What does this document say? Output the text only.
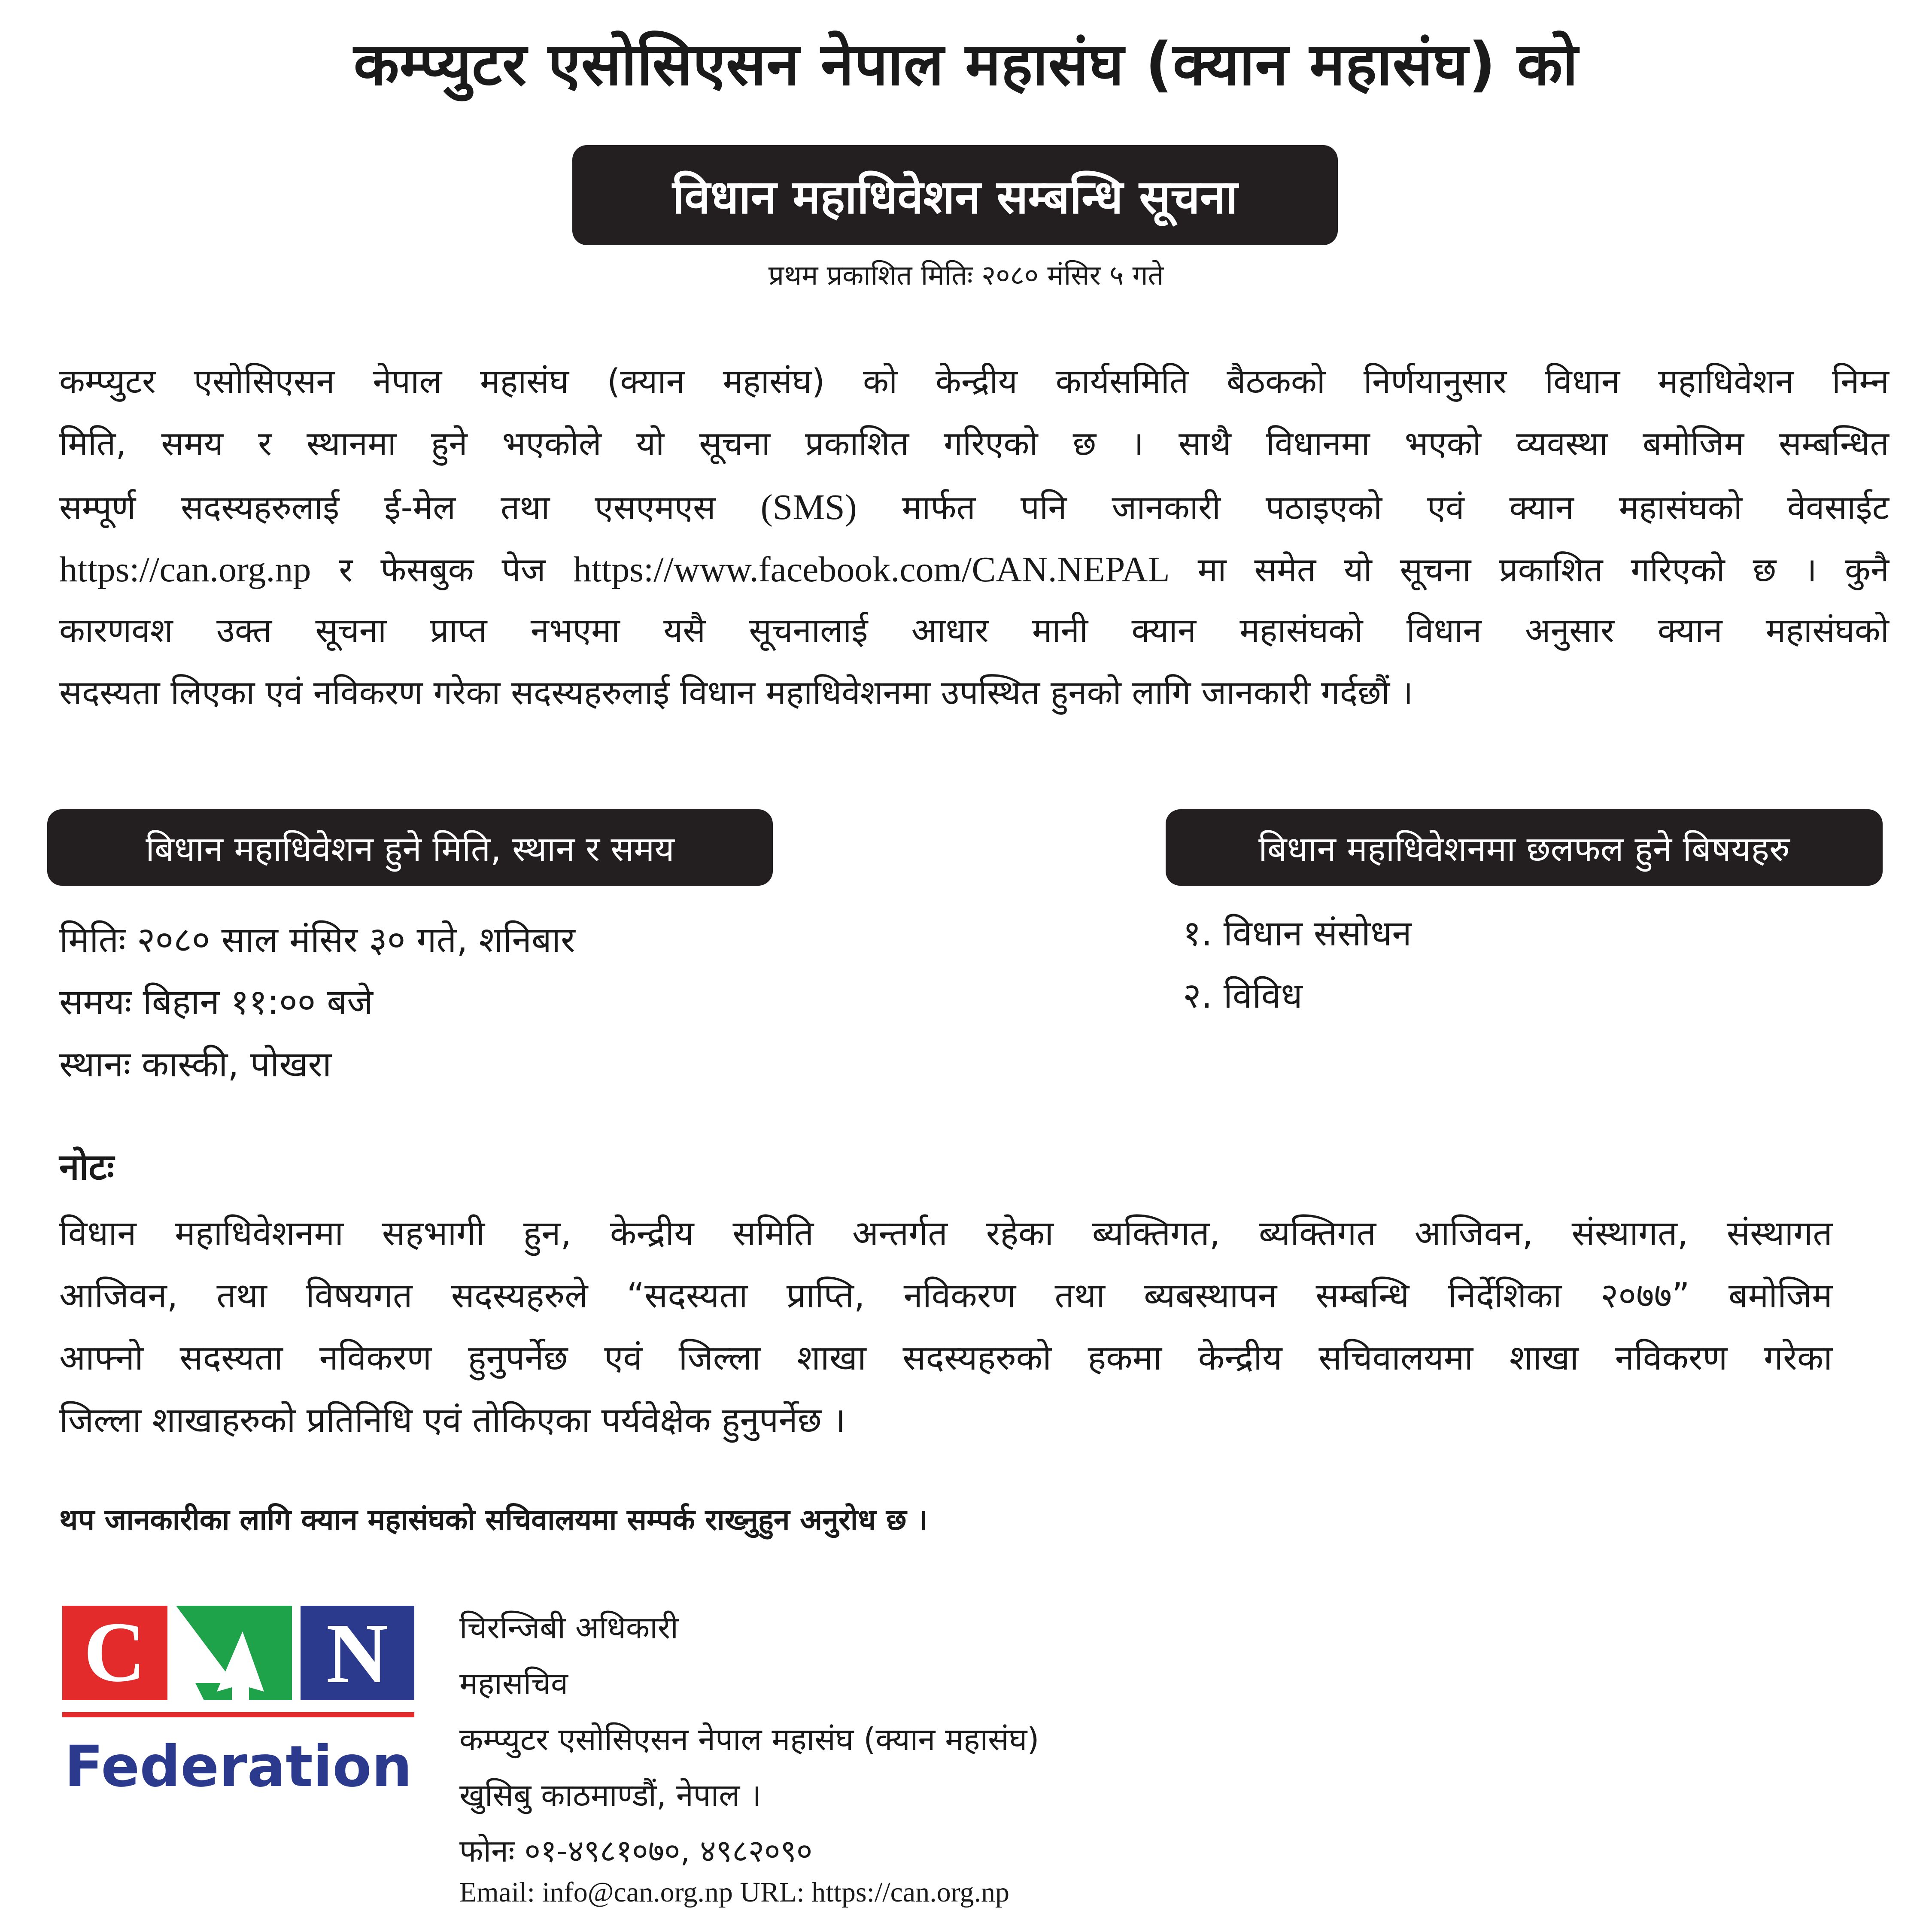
कम्प्युटर एसोसिएसन नेपाल महासंघ (क्यान महासंघ) को
विधान महाधिवेशन सम्बन्धि सूचना
प्रथम प्रकाशित मितिः २०८० मंसिर ५ गते
कम्प्युटर एसोसिएसन नेपाल महासंघ (क्यान महासंघ) को केन्द्रीय कार्यसमिति बैठकको निर्णयानुसार विधान महाधिवेशन निम्न
मिति, समय र स्थानमा हुने भएकोले यो सूचना प्रकाशित गरिएको छ । साथै विधानमा भएको व्यवस्था बमोजिम सम्बन्धित
सम्पूर्ण सदस्यहरुलाई ई-मेल तथा एसएमएस (SMS) मार्फत पनि जानकारी पठाइएको एवं क्यान महासंघको वेवसाईट
https://can.org.np र फेसबुक पेज https://www.facebook.com/CAN.NEPAL मा समेत यो सूचना प्रकाशित गरिएको छ । कुनै
कारणवश उक्त सूचना प्राप्त नभएमा यसै सूचनालाई आधार मानी क्यान महासंघको विधान अनुसार क्यान महासंघको
सदस्यता लिएका एवं नविकरण गरेका सदस्यहरुलाई विधान महाधिवेशनमा उपस्थित हुनको लागि जानकारी गर्दछौं ।
बिधान महाधिवेशन हुने मिति, स्थान र समय
मितिः २०८० साल मंसिर ३० गते, शनिबार
समयः बिहान ११:०० बजे
स्थानः कास्की, पोखरा
बिधान महाधिवेशनमा छलफल हुने बिषयहरु
१. विधान संसोधन
२. विविध
नोटः
विधान महाधिवेशनमा सहभागी हुन, केन्द्रीय समिति अन्तर्गत रहेका ब्यक्तिगत, ब्यक्तिगत आजिवन, संस्थागत, संस्थागत
आजिवन, तथा विषयगत सदस्यहरुले “सदस्यता प्राप्ति, नविकरण तथा ब्यबस्थापन सम्बन्धि निर्देशिका २०७७” बमोजिम
आफ्नो सदस्यता नविकरण हुनुपर्नेछ एवं जिल्ला शाखा सदस्यहरुको हकमा केन्द्रीय सचिवालयमा शाखा नविकरण गरेका
जिल्ला शाखाहरुको प्रतिनिधि एवं तोकिएका पर्यवेक्षेक हुनुपर्नेछ ।
थप जानकारीका लागि क्यान महासंघको सचिवालयमा सम्पर्क राख्नुहुन अनुरोध छ ।
C N
Federation
चिरन्जिबी अधिकारी
महासचिव
कम्प्युटर एसोसिएसन नेपाल महासंघ (क्यान महासंघ)
खुसिबु काठमाण्डौं, नेपाल ।
फोनः ०१-४९८१०७०, ४९८२०९०
Email: info@can.org.np URL: https://can.org.np
